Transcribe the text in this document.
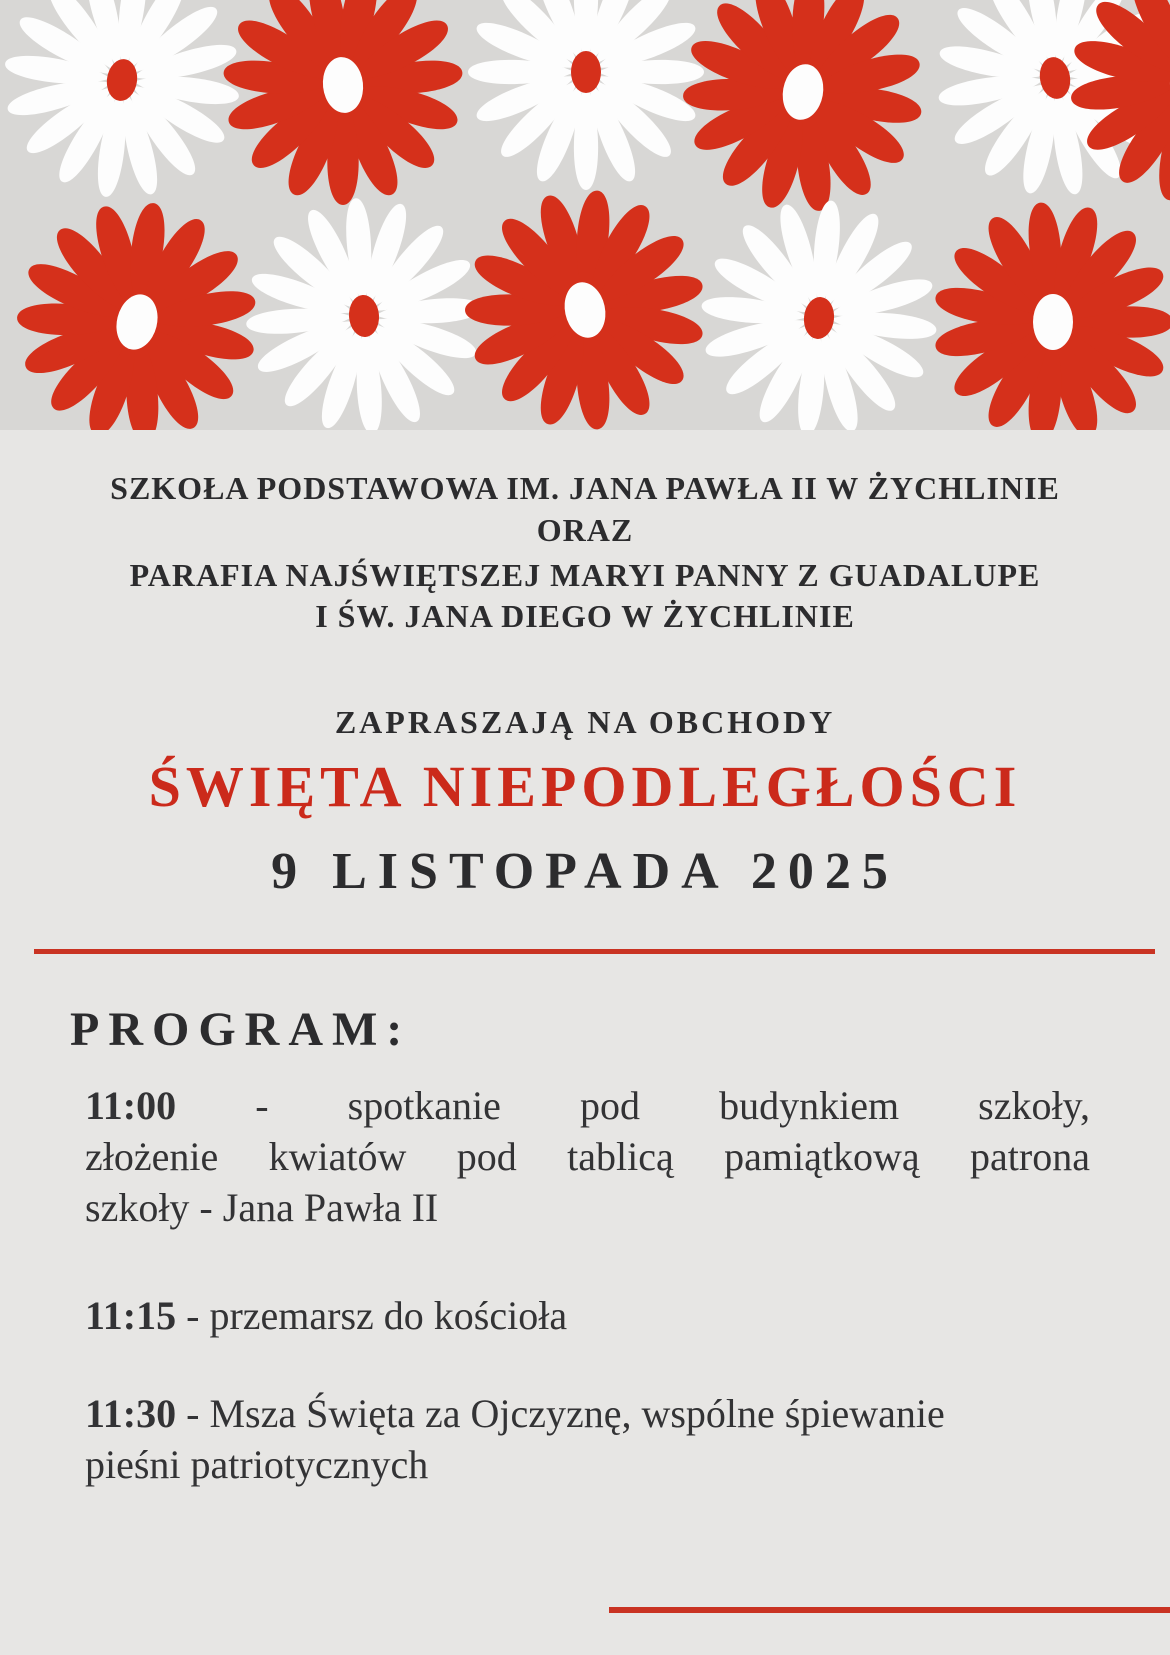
SZKOŁA PODSTAWOWA IM. JANA PAWŁA II W ŻYCHLINIE
ORAZ
PARAFIA NAJŚWIĘTSZEJ MARYI PANNY Z GUADALUPE
I ŚW. JANA DIEGO W ŻYCHLINIE
ZAPRASZAJĄ NA OBCHODY
ŚWIĘTA NIEPODLEGŁOŚCI
9 LISTOPADA 2025
PROGRAM:
11:00 - spotkanie pod budynkiem szkoły,
złożenie kwiatów pod tablicą pamiątkową patrona
szkoły - Jana Pawła II
11:15 - przemarsz do kościoła
11:30 - Msza Święta za Ojczyznę, wspólne śpiewanie
pieśni patriotycznych
